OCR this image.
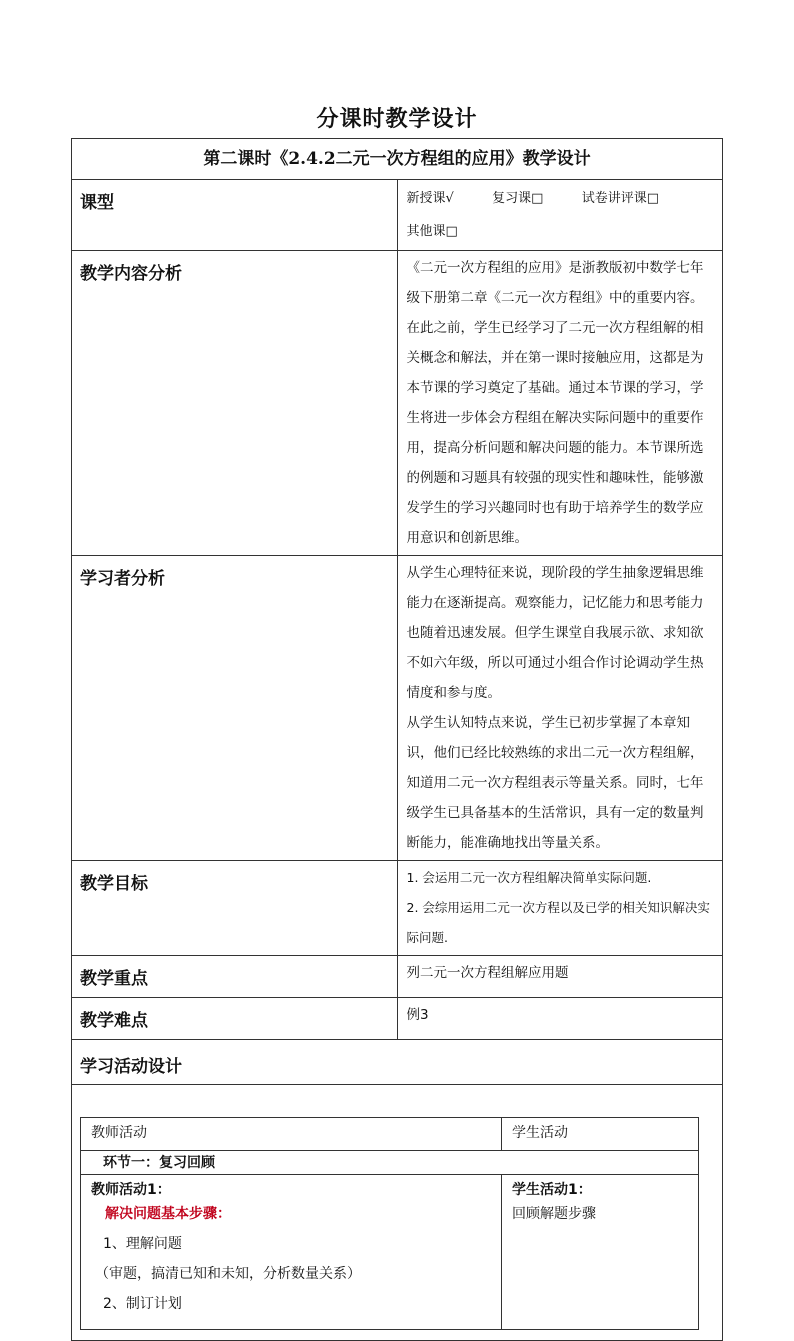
分课时教学设计
第二课时《2.4.2二元一次方程组的应用》教学设计
课型	新授课√	复习课□	试卷讲评课□ 其他课□
教学内容分析	《二元一次方程组的应用》是浙教版初中数学七年级下册第二章《二元一次方程组》中的重要内容。在此之前，学生已经学习了二元一次方程组解的相关概念和解法，并在第一课时接触应用，这都是为本节课的学习奠定了基础。通过本节课的学习，学生将进一步体会方程组在解决实际问题中的重要作用，提高分析问题和解决问题的能力。本节课所选的例题和习题具有较强的现实性和趣味性，能够激发学生的学习兴趣同时也有助于培养学生的数学应用意识和创新思维。
学习者分析	从学生心理特征来说，现阶段的学生抽象逻辑思维能力在逐渐提高。观察能力，记忆能力和思考能力也随着迅速发展。但学生课堂自我展示欲、求知欲不如六年级，所以可通过小组合作讨论调动学生热情度和参与度。
从学生认知特点来说，学生已初步掌握了本章知识，他们已经比较熟练的求出二元一次方程组解，知道用二元一次方程组表示等量关系。同时，七年级学生已具备基本的生活常识，具有一定的数量判断能力，能准确地找出等量关系。

教学目标	1. 会运用二元一次方程组解决简单实际问题.
2. 会综用运用二元一次方程以及已学的相关知识解决实际问题.

教学重点	列二元一次方程组解应用题
教学难点	例3
学习活动设计

教师活动	学生活动
环节一：复习回顾

教师活动1：
解决问题基本步骤：
1、理解问题
（审题，搞清已知和未知，分析数量关系）
2、制订计划

学生活动1：
回顾解题步骤
